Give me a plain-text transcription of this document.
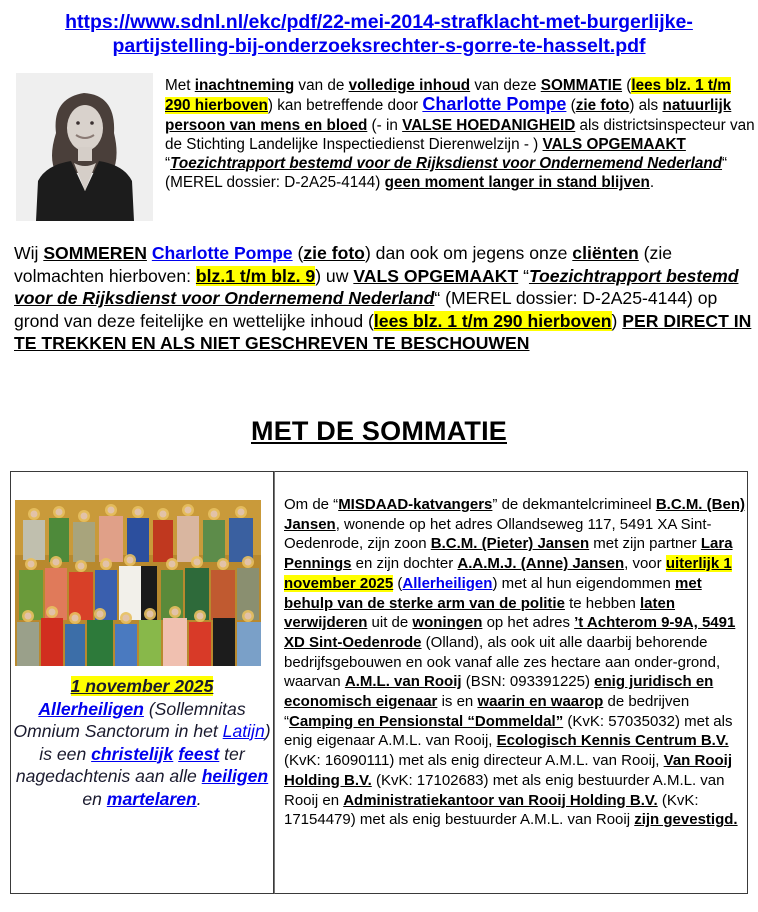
https://www.sdnl.nl/ekc/pdf/22-mei-2014-strafklacht-met-burgerlijke-
partijstelling-bij-onderzoeksrechter-s-gorre-te-hasselt.pdf
Met inachtneming van de volledige inhoud van deze SOMMATIE (lees blz. 1 t/m 290 hierboven) kan betreffende door Charlotte Pompe (zie foto) als natuurlijk persoon van mens en bloed (- in VALSE HOEDANIGHEID als districtsinspecteur van de Stichting Landelijke Inspectiedienst Dierenwelzijn - ) VALS OPGEMAAKT “Toezichtrapport bestemd voor de Rijksdienst voor Ondernemend Nederland“ (MEREL dossier: D-2A25-4144) geen moment langer in stand blijven.
Wij SOMMEREN Charlotte Pompe (zie foto) dan ook om jegens onze cliënten (zie volmachten hierboven: blz.1 t/m blz. 9) uw VALS OPGEMAAKT “Toezichtrapport bestemd voor de Rijksdienst voor Ondernemend Nederland“ (MEREL dossier: D-2A25-4144) op grond van deze feitelijke en wettelijke inhoud (lees blz. 1 t/m 290 hierboven) PER DIRECT IN TE TREKKEN EN ALS NIET GESCHREVEN TE BESCHOUWEN
MET DE SOMMATIE
1 november 2025
Allerheiligen (Sollemnitas Omnium Sanctorum in het Latijn) is een christelijk feest ter nagedachtenis aan alle heiligen en martelaren.
Om de “MISDAAD-katvangers” de dekmantelcrimineel B.C.M. (Ben) Jansen, wonende op het adres Ollandseweg 117, 5491 XA Sint-Oedenrode, zijn zoon B.C.M. (Pieter) Jansen met zijn partner Lara Pennings en zijn dochter A.A.M.J. (Anne) Jansen, voor uiterlijk 1 november 2025 (Allerheiligen) met al hun eigendommen met behulp van de sterke arm van de politie te hebben laten verwijderen uit de woningen op het adres ’t Achterom 9-9A, 5491 XD Sint-Oedenrode (Olland), als ook uit alle daarbij behorende bedrijfsgebouwen en ook vanaf alle zes hectare aan onder-grond, waarvan A.M.L. van Rooij (BSN: 093391225) enig juridisch en economisch eigenaar is en waarin en waarop de bedrijven “Camping en Pensionstal “Dommeldal” (KvK: 57035032) met als enig eigenaar A.M.L. van Rooij, Ecologisch Kennis Centrum B.V. (KvK: 16090111) met als enig directeur A.M.L. van Rooij, Van Rooij Holding B.V. (KvK: 17102683) met als enig bestuurder A.M.L. van Rooij en Administratiekantoor van Rooij Holding B.V. (KvK: 17154479) met als enig bestuurder A.M.L. van Rooij zijn gevestigd.
